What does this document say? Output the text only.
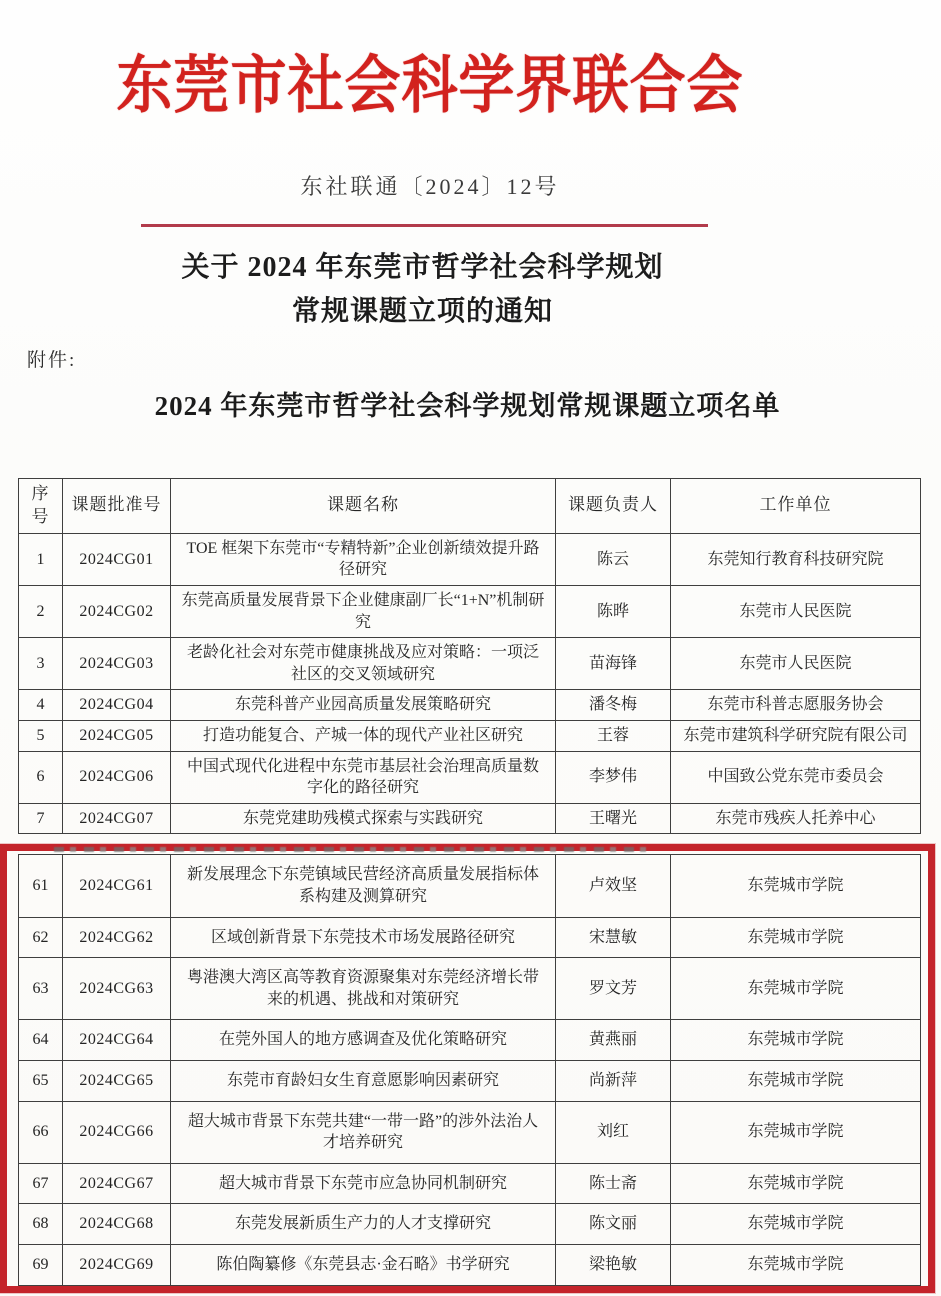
东莞市社会科学界联合会
东社联通〔2024〕12号
关于 2024 年东莞市哲学社会科学规划
常规课题立项的通知
附件:
2024 年东莞市哲学社会科学规划常规课题立项名单
序号	课题批准号	课题名称	课题负责人	工作单位
1	2024CG01	TOE 框架下东莞市“专精特新”企业创新绩效提升路径研究	陈云	东莞知行教育科技研究院
2	2024CG02	东莞高质量发展背景下企业健康副厂长“1+N”机制研究	陈晔	东莞市人民医院
3	2024CG03	老龄化社会对东莞市健康挑战及应对策略：一项泛社区的交叉领域研究	苗海锋	东莞市人民医院
4	2024CG04	东莞科普产业园高质量发展策略研究	潘冬梅	东莞市科普志愿服务协会
5	2024CG05	打造功能复合、产城一体的现代产业社区研究	王蓉	东莞市建筑科学研究院有限公司
6	2024CG06	中国式现代化进程中东莞市基层社会治理高质量数字化的路径研究	李梦伟	中国致公党东莞市委员会
7	2024CG07	东莞党建助残模式探索与实践研究	王曙光	东莞市残疾人托养中心
61	2024CG61	新发展理念下东莞镇域民营经济高质量发展指标体系构建及测算研究	卢效坚	东莞城市学院
62	2024CG62	区域创新背景下东莞技术市场发展路径研究	宋慧敏	东莞城市学院
63	2024CG63	粤港澳大湾区高等教育资源聚集对东莞经济增长带来的机遇、挑战和对策研究	罗文芳	东莞城市学院
64	2024CG64	在莞外国人的地方感调查及优化策略研究	黄燕丽	东莞城市学院
65	2024CG65	东莞市育龄妇女生育意愿影响因素研究	尚新萍	东莞城市学院
66	2024CG66	超大城市背景下东莞共建“一带一路”的涉外法治人才培养研究	刘红	东莞城市学院
67	2024CG67	超大城市背景下东莞市应急协同机制研究	陈士斋	东莞城市学院
68	2024CG68	东莞发展新质生产力的人才支撑研究	陈文丽	东莞城市学院
69	2024CG69	陈伯陶纂修《东莞县志·金石略》书学研究	梁艳敏	东莞城市学院
